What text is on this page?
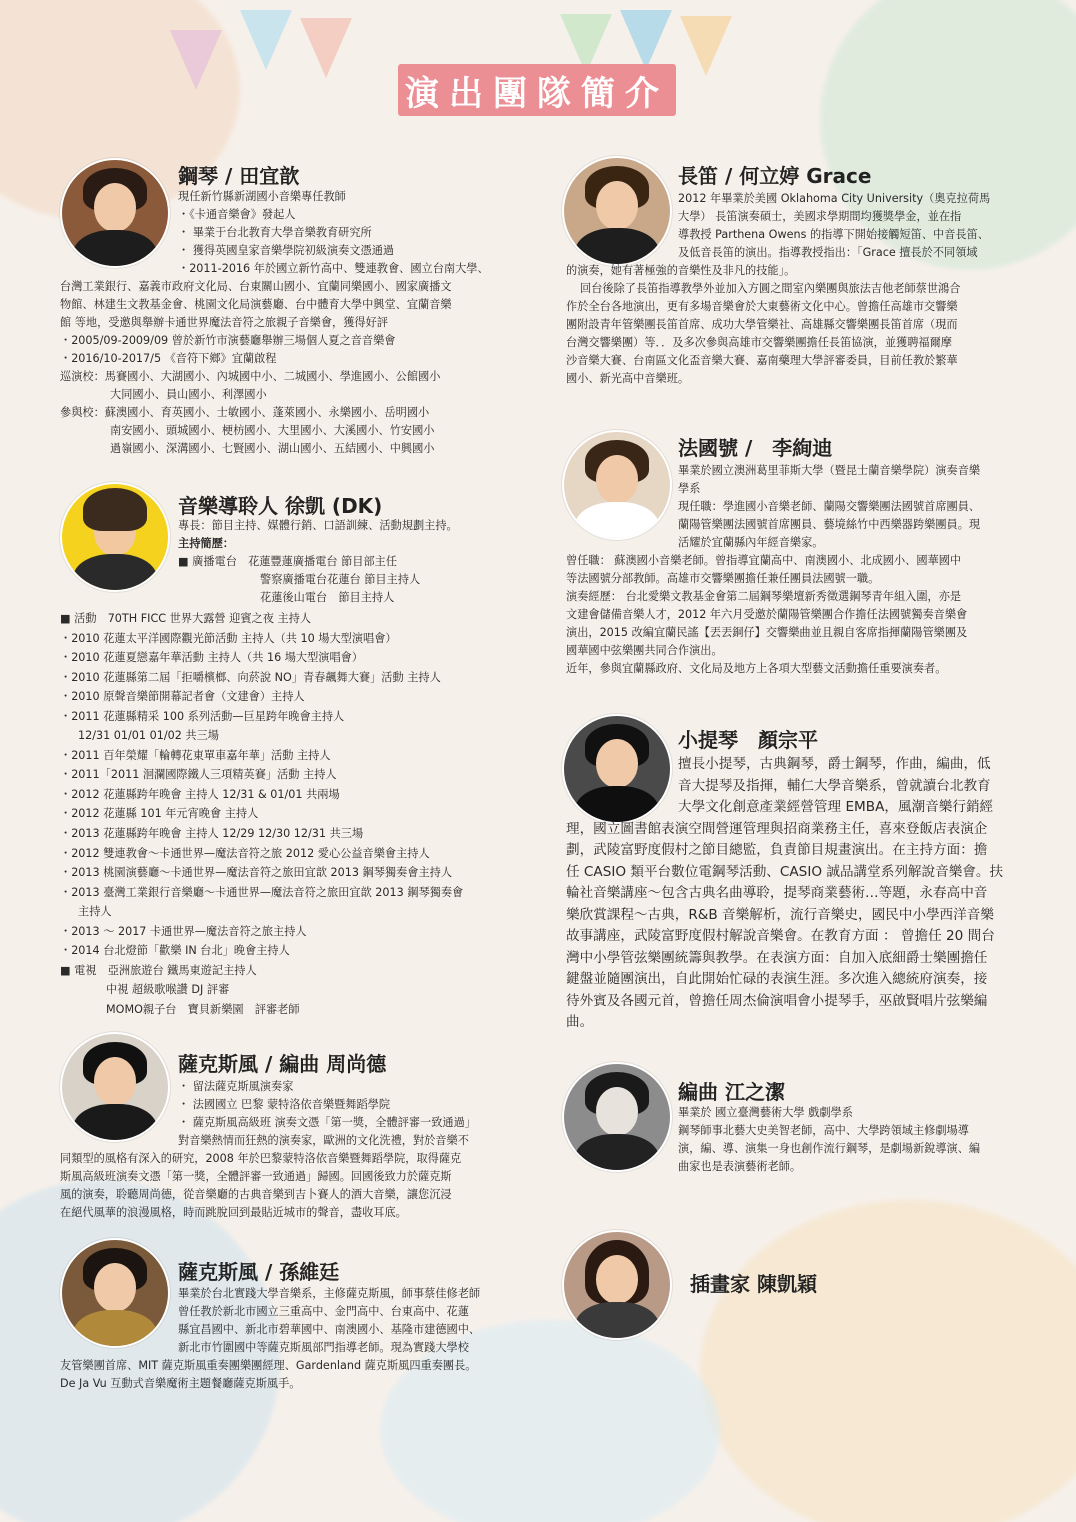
演出團隊簡介
鋼琴 / 田宜歆

現任新竹縣新湖國小音樂專任教師

・《卡通音樂會》發起人

・ 畢業于台北教育大學音樂教育研究所

・ 獲得英國皇家音樂學院初級演奏文憑通過

・2011-2016 年於國立新竹高中、雙連教會、國立台南大學、

台灣工業銀行、嘉義市政府文化局、台東關山國小、宜蘭同樂國小、國家廣播文

物館、林建生文教基金會、桃園文化局演藝廳、台中體育大學中興堂、宜蘭音樂

館 等地，受邀與舉辦卡通世界魔法音符之旅親子音樂會，獲得好評

・2005/09-2009/09 曾於新竹市演藝廳舉辦三場個人夏之音音樂會

・2016/10-2017/5 《音符下鄉》宜蘭啟程

巡演校：馬賽國小、大湖國小、內城國中小、二城國小、學進國小、公館國小

大同國小、員山國小、利澤國小

參與校：蘇澳國小、育英國小、士敏國小、蓬萊國小、永樂國小、岳明國小

南安國小、頭城國小、梗枋國小、大里國小、大溪國小、竹安國小

過嶺國小、深溝國小、七賢國小、湖山國小、五結國小、中興國小

音樂導聆人 徐凱 (DK)

專長：節目主持、媒體行銷、口語訓練、活動規劃主持。

主持簡歷：

■ 廣播電台　花蓮豐蓮廣播電台 節目部主任

警察廣播電台花蓮台 節目主持人

花蓮後山電台　節目主持人

■ 活動　70TH FICC 世界大露營 迎賓之夜 主持人

・2010 花蓮太平洋國際觀光節活動 主持人（共 10 場大型演唱會）

・2010 花蓮夏戀嘉年華活動 主持人（共 16 場大型演唱會）

・2010 花蓮縣第二屆「拒嚼檳榔、向菸說 NO」青春飆舞大賽」活動 主持人

・2010 原聲音樂節開幕記者會（文建會）主持人

・2011 花蓮縣精采 100 系列活動—巨星跨年晚會主持人

12/31 01/01 01/02 共三場

・2011 百年榮耀「輪轉花東單車嘉年華」活動 主持人

・2011「2011 洄瀾國際鐵人三項精英賽」活動 主持人

・2012 花蓮縣跨年晚會 主持人 12/31 & 01/01 共兩場

・2012 花蓮縣 101 年元宵晚會 主持人

・2013 花蓮縣跨年晚會 主持人 12/29 12/30 12/31 共三場

・2012 雙連教會～卡通世界—魔法音符之旅 2012 愛心公益音樂會主持人

・2013 桃園演藝廳～卡通世界—魔法音符之旅田宜歆 2013 鋼琴獨奏會主持人

・2013 臺灣工業銀行音樂廳～卡通世界—魔法音符之旅田宜歆 2013 鋼琴獨奏會

主持人

・2013 ～ 2017 卡通世界—魔法音符之旅主持人

・2014 台北燈節「歡樂 IN 台北」晚會主持人

■ 電視　亞洲旅遊台 鐵馬東遊記主持人

中視 超級歌喉讚 DJ 評審

MOMO親子台　寶貝新樂園　評審老師

薩克斯風 / 編曲 周尚德

・ 留法薩克斯風演奏家

・ 法國國立 巴黎 蒙特洛依音樂暨舞蹈學院

・ 薩克斯風高級班 演奏文憑「第一獎，全體評審一致通過」

對音樂熱情而狂熱的演奏家，歐洲的文化洗禮，對於音樂不

同類型的風格有深入的研究，2008 年於巴黎蒙特洛依音樂暨舞蹈學院，取得薩克

斯風高級班演奏文憑「第一獎，全體評審一致通過」歸國。回國後致力於薩克斯

風的演奏，聆聽周尚德，從音樂廳的古典音樂到吉卜賽人的酒大音樂，讓您沉浸

在絕代風華的浪漫風格，時而跳脫回到最貼近城市的聲音，盡收耳底。

薩克斯風 / 孫維廷

畢業於台北實踐大學音樂系，主修薩克斯風，師事蔡佳修老師

曾任教於新北市國立三重高中、金門高中、台東高中、花蓮

縣宜昌國中、新北市碧華國中、南澳國小、基隆市建德國中、

新北市竹圍國中等薩克斯風部門指導老師。現為實踐大學校

友管樂團首席、MIT 薩克斯風重奏團樂團經理、Gardenland 薩克斯風四重奏團長。

De Ja Vu 互動式音樂魔術主題餐廳薩克斯風手。

長笛 / 何立婷 Grace

2012 年畢業於美國 Oklahoma City University（奧克拉荷馬

大學） 長笛演奏碩士，美國求學期間均獲獎學金，並在指

導教授 Parthena Owens 的指導下開始接觸短笛、中音長笛、

及低音長笛的演出。指導教授指出：「Grace 擅長於不同領域

的演奏，她有著極強的音樂性及非凡的技能」。

回台後除了長笛指導教學外並加入方圓之間室內樂團與旅法吉他老師蔡世鴻合

作於全台各地演出，更有多場音樂會於大東藝術文化中心。曾擔任高雄市交響樂

團附設青年管樂團長笛首席、成功大學管樂社、高雄縣交響樂團長笛首席（現而

台灣交響樂團）等．．及多次參與高雄市交響樂團擔任長笛協演，並獲聘福爾摩

沙音樂大賽、台南區文化盃音樂大賽、嘉南藥理大學評審委員，目前任教於繁華

國小、新光高中音樂班。

法國號 /　李絢迪

畢業於國立澳洲葛里菲斯大學（暨昆士蘭音樂學院）演奏音樂

學系

現任職：學進國小音樂老師、蘭陽交響樂團法國號首席團員、

蘭陽管樂團法國號首席團員、藝境絲竹中西樂器跨樂團員。現

活耀於宜蘭縣內年經音樂家。

曾任職： 蘇澳國小音樂老師。曾指導宜蘭高中、南澳國小、北成國小、國華國中

等法國號分部教師。高雄市交響樂團擔任兼任團員法國號一職。

演奏經歷： 台北愛樂文教基金會第二屆鋼琴樂壇新秀徵選鋼琴青年組入圍，亦是

文建會儲備音樂人才，2012 年六月受邀於蘭陽管樂團合作擔任法國號獨奏音樂會

演出，2015 改編宜蘭民謠【丟丟銅仔】交響樂曲並且親自客席指揮蘭陽管樂團及

國華國中弦樂團共同合作演出。

近年，參與宜蘭縣政府、文化局及地方上各項大型藝文活動擔任重要演奏者。

小提琴　顏宗平

擅長小提琴，古典鋼琴，爵士鋼琴，作曲，編曲，低

音大提琴及指揮，輔仁大學音樂系，曾就讀台北教育

大學文化創意產業經營管理 EMBA，風潮音樂行銷經

理，國立圖書館表演空間營運管理與招商業務主任，喜來登飯店表演企

劃，武陵富野度假村之節目總監，負責節目規畫演出。在主持方面：擔

任 CASIO 類平台數位電鋼琴活動、CASIO 誠品講堂系列解說音樂會。扶

輪社音樂講座～包含古典名曲導聆，提琴商業藝術…等題，永春高中音

樂欣賞課程～古典，R&B 音樂解析，流行音樂史，國民中小學西洋音樂

故事講座，武陵富野度假村解說音樂會。在教育方面 ： 曾擔任 20 間台

灣中小學管弦樂團統籌與教學。在表演方面：自加入底細爵士樂團擔任

鍵盤並隨團演出，自此開始忙碌的表演生涯。多次進入總統府演奏，接

待外賓及各國元首，曾擔任周杰倫演唱會小提琴手，巫啟賢唱片弦樂編

曲。

編曲 江之潔

畢業於 國立臺灣藝術大學 戲劇學系

鋼琴師事北藝大史美智老師，高中、大學跨領域主修劇場導

演，編、導、演集一身也創作流行鋼琴，是劇場新銳導演、編

曲家也是表演藝術老師。

插畫家 陳凱穎
